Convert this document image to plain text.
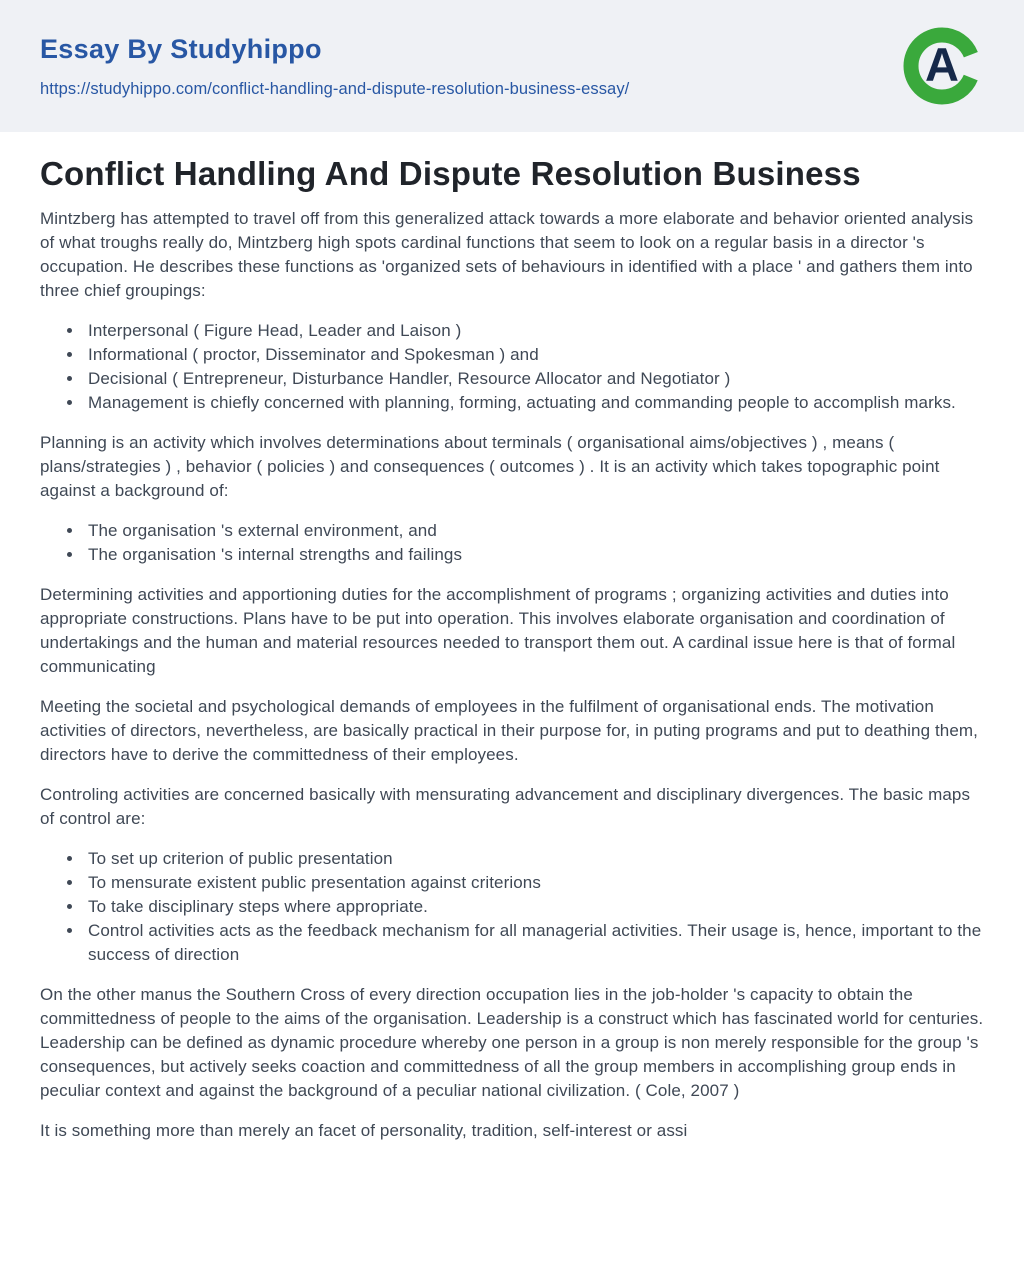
Essay By Studyhippo
https://studyhippo.com/conflict-handling-and-dispute-resolution-business-essay/	A
Conflict Handling And Dispute Resolution Business

Mintzberg has attempted to travel off from this generalized attack towards a more elaborate and behavior oriented analysis of what troughs really do, Mintzberg high spots cardinal functions that seem to look on a regular basis in a director 's occupation. He describes these functions as 'organized sets of behaviours in identified with a place ' and gathers them into three chief groupings:

• Interpersonal ( Figure Head, Leader and Laison )
• Informational ( proctor, Disseminator and Spokesman ) and
• Decisional ( Entrepreneur, Disturbance Handler, Resource Allocator and Negotiator )
• Management is chiefly concerned with planning, forming, actuating and commanding people to accomplish marks.

Planning is an activity which involves determinations about terminals ( organisational aims/objectives ) , means ( plans/strategies ) , behavior ( policies ) and consequences ( outcomes ) . It is an activity which takes topographic point against a background of:

• The organisation 's external environment, and
• The organisation 's internal strengths and failings

Determining activities and apportioning duties for the accomplishment of programs ; organizing activities and duties into appropriate constructions. Plans have to be put into operation. This involves elaborate organisation and coordination of undertakings and the human and material resources needed to transport them out. A cardinal issue here is that of formal communicating

Meeting the societal and psychological demands of employees in the fulfilment of organisational ends. The motivation activities of directors, nevertheless, are basically practical in their purpose for, in puting programs and put to deathing them, directors have to derive the committedness of their employees.

Controling activities are concerned basically with mensurating advancement and disciplinary divergences. The basic maps of control are:

• To set up criterion of public presentation
• To mensurate existent public presentation against criterions
• To take disciplinary steps where appropriate.
• Control activities acts as the feedback mechanism for all managerial activities. Their usage is, hence, important to the success of direction

On the other manus the Southern Cross of every direction occupation lies in the job-holder 's capacity to obtain the committedness of people to the aims of the organisation. Leadership is a construct which has fascinated world for centuries. Leadership can be defined as dynamic procedure whereby one person in a group is non merely responsible for the group 's consequences, but actively seeks coaction and committedness of all the group members in accomplishing group ends in peculiar context and against the background of a peculiar national civilization. ( Cole, 2007 )

It is something more than merely an facet of personality, tradition, self-interest or assi
